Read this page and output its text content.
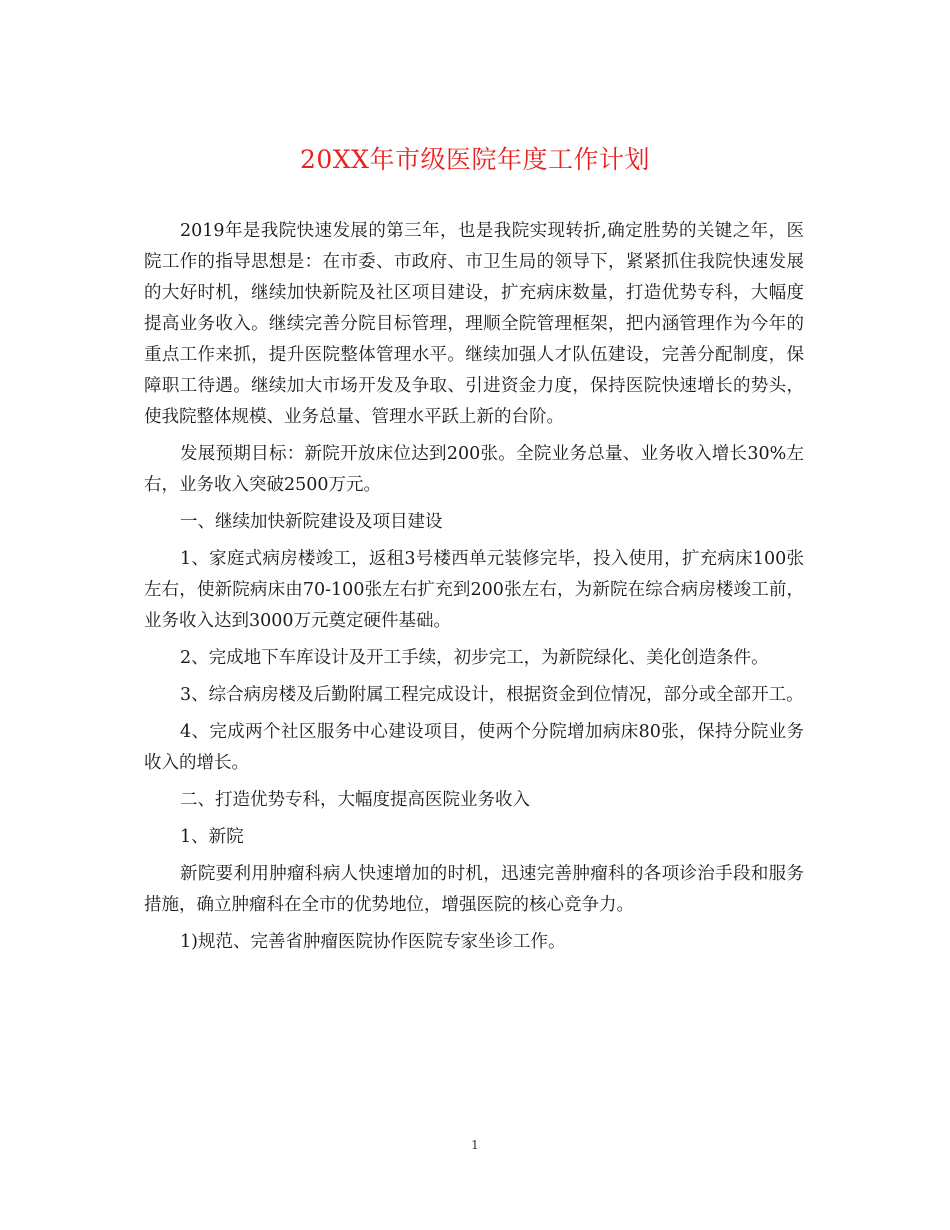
20XX年市级医院年度工作计划

2019年是我院快速发展的第三年，也是我院实现转折,确定胜势的关键之年，医院工作的指导思想是：在市委、市政府、市卫生局的领导下，紧紧抓住我院快速发展的大好时机，继续加快新院及社区项目建设，扩充病床数量，打造优势专科，大幅度提高业务收入。继续完善分院目标管理，理顺全院管理框架，把内涵管理作为今年的重点工作来抓，提升医院整体管理水平。继续加强人才队伍建设，完善分配制度，保障职工待遇。继续加大市场开发及争取、引进资金力度，保持医院快速增长的势头，使我院整体规模、业务总量、管理水平跃上新的台阶。

发展预期目标：新院开放床位达到200张。全院业务总量、业务收入增长30%左右，业务收入突破2500万元。

一、继续加快新院建设及项目建设

1、家庭式病房楼竣工，返租3号楼西单元装修完毕，投入使用，扩充病床100张左右，使新院病床由70-100张左右扩充到200张左右，为新院在综合病房楼竣工前，业务收入达到3000万元奠定硬件基础。

2、完成地下车库设计及开工手续，初步完工，为新院绿化、美化创造条件。

3、综合病房楼及后勤附属工程完成设计，根据资金到位情况，部分或全部开工。

4、完成两个社区服务中心建设项目，使两个分院增加病床80张，保持分院业务收入的增长。

二、打造优势专科，大幅度提高医院业务收入

1、新院

新院要利用肿瘤科病人快速增加的时机，迅速完善肿瘤科的各项诊治手段和服务措施，确立肿瘤科在全市的优势地位，增强医院的核心竞争力。

1)规范、完善省肿瘤医院协作医院专家坐诊工作。

1
